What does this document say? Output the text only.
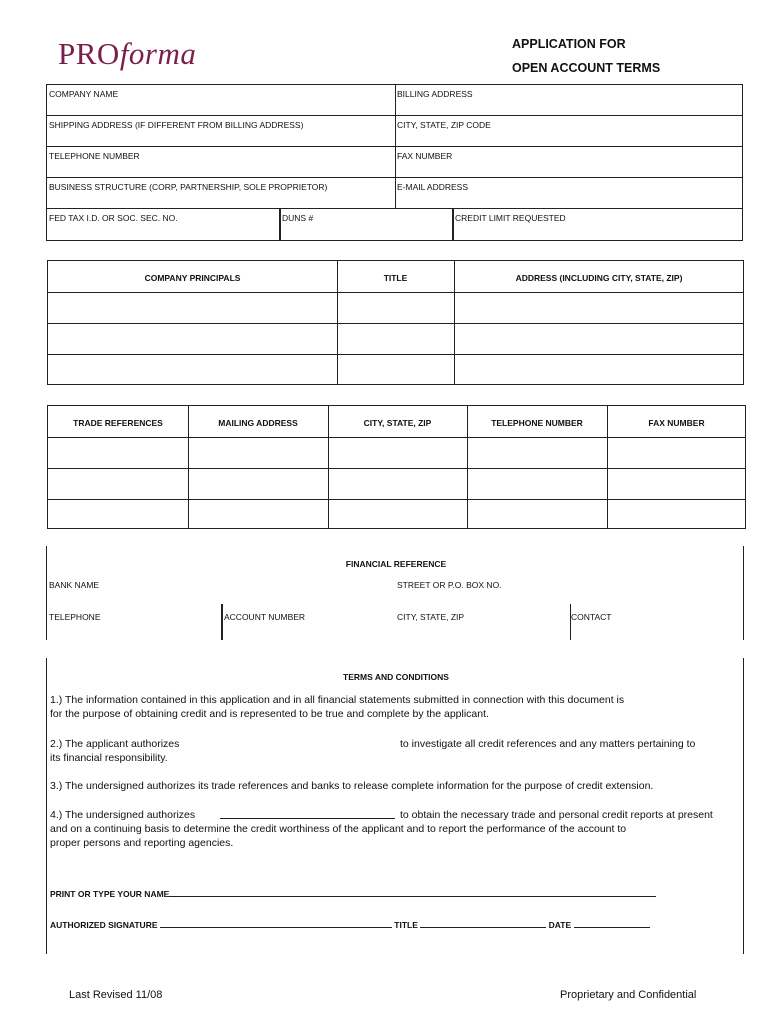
PROforma	APPLICATION FOR
OPEN ACCOUNT TERMS
COMPANY NAME	BILLING ADDRESS
SHIPPING ADDRESS (IF DIFFERENT FROM BILLING ADDRESS)	CITY, STATE, ZIP CODE
TELEPHONE NUMBER	FAX NUMBER
BUSINESS STRUCTURE (CORP, PARTNERSHIP, SOLE PROPRIETOR)	E-MAIL ADDRESS
FED TAX I.D. OR SOC. SEC. NO.	DUNS #	CREDIT LIMIT REQUESTED
COMPANY PRINCIPALS	TITLE	ADDRESS (INCLUDING CITY, STATE, ZIP)
TRADE REFERENCES	MAILING ADDRESS	CITY, STATE, ZIP	TELEPHONE NUMBER	FAX NUMBER
FINANCIAL REFERENCE
BANK NAME	STREET OR P.O. BOX NO.
TELEPHONE	ACCOUNT NUMBER	CITY, STATE, ZIP	CONTACT
TERMS AND CONDITIONS
1.) The information contained in this application and in all financial statements submitted in connection with this document is
for the purpose of obtaining credit and is represented to be true and complete by the applicant.
2.) The applicant authorizes	to investigate all credit references and any matters pertaining to
its financial responsibility.
3.) The undersigned authorizes its trade references and banks to release complete information for the purpose of credit extension.
4.) The undersigned authorizes	to obtain the necessary trade and personal credit reports at present
and on a continuing basis to determine the credit worthiness of the applicant and to report the performance of the account to
proper persons and reporting agencies.
PRINT OR TYPE YOUR NAME
AUTHORIZED SIGNATURE	TITLE	DATE
Last Revised 11/08	Proprietary and Confidential
